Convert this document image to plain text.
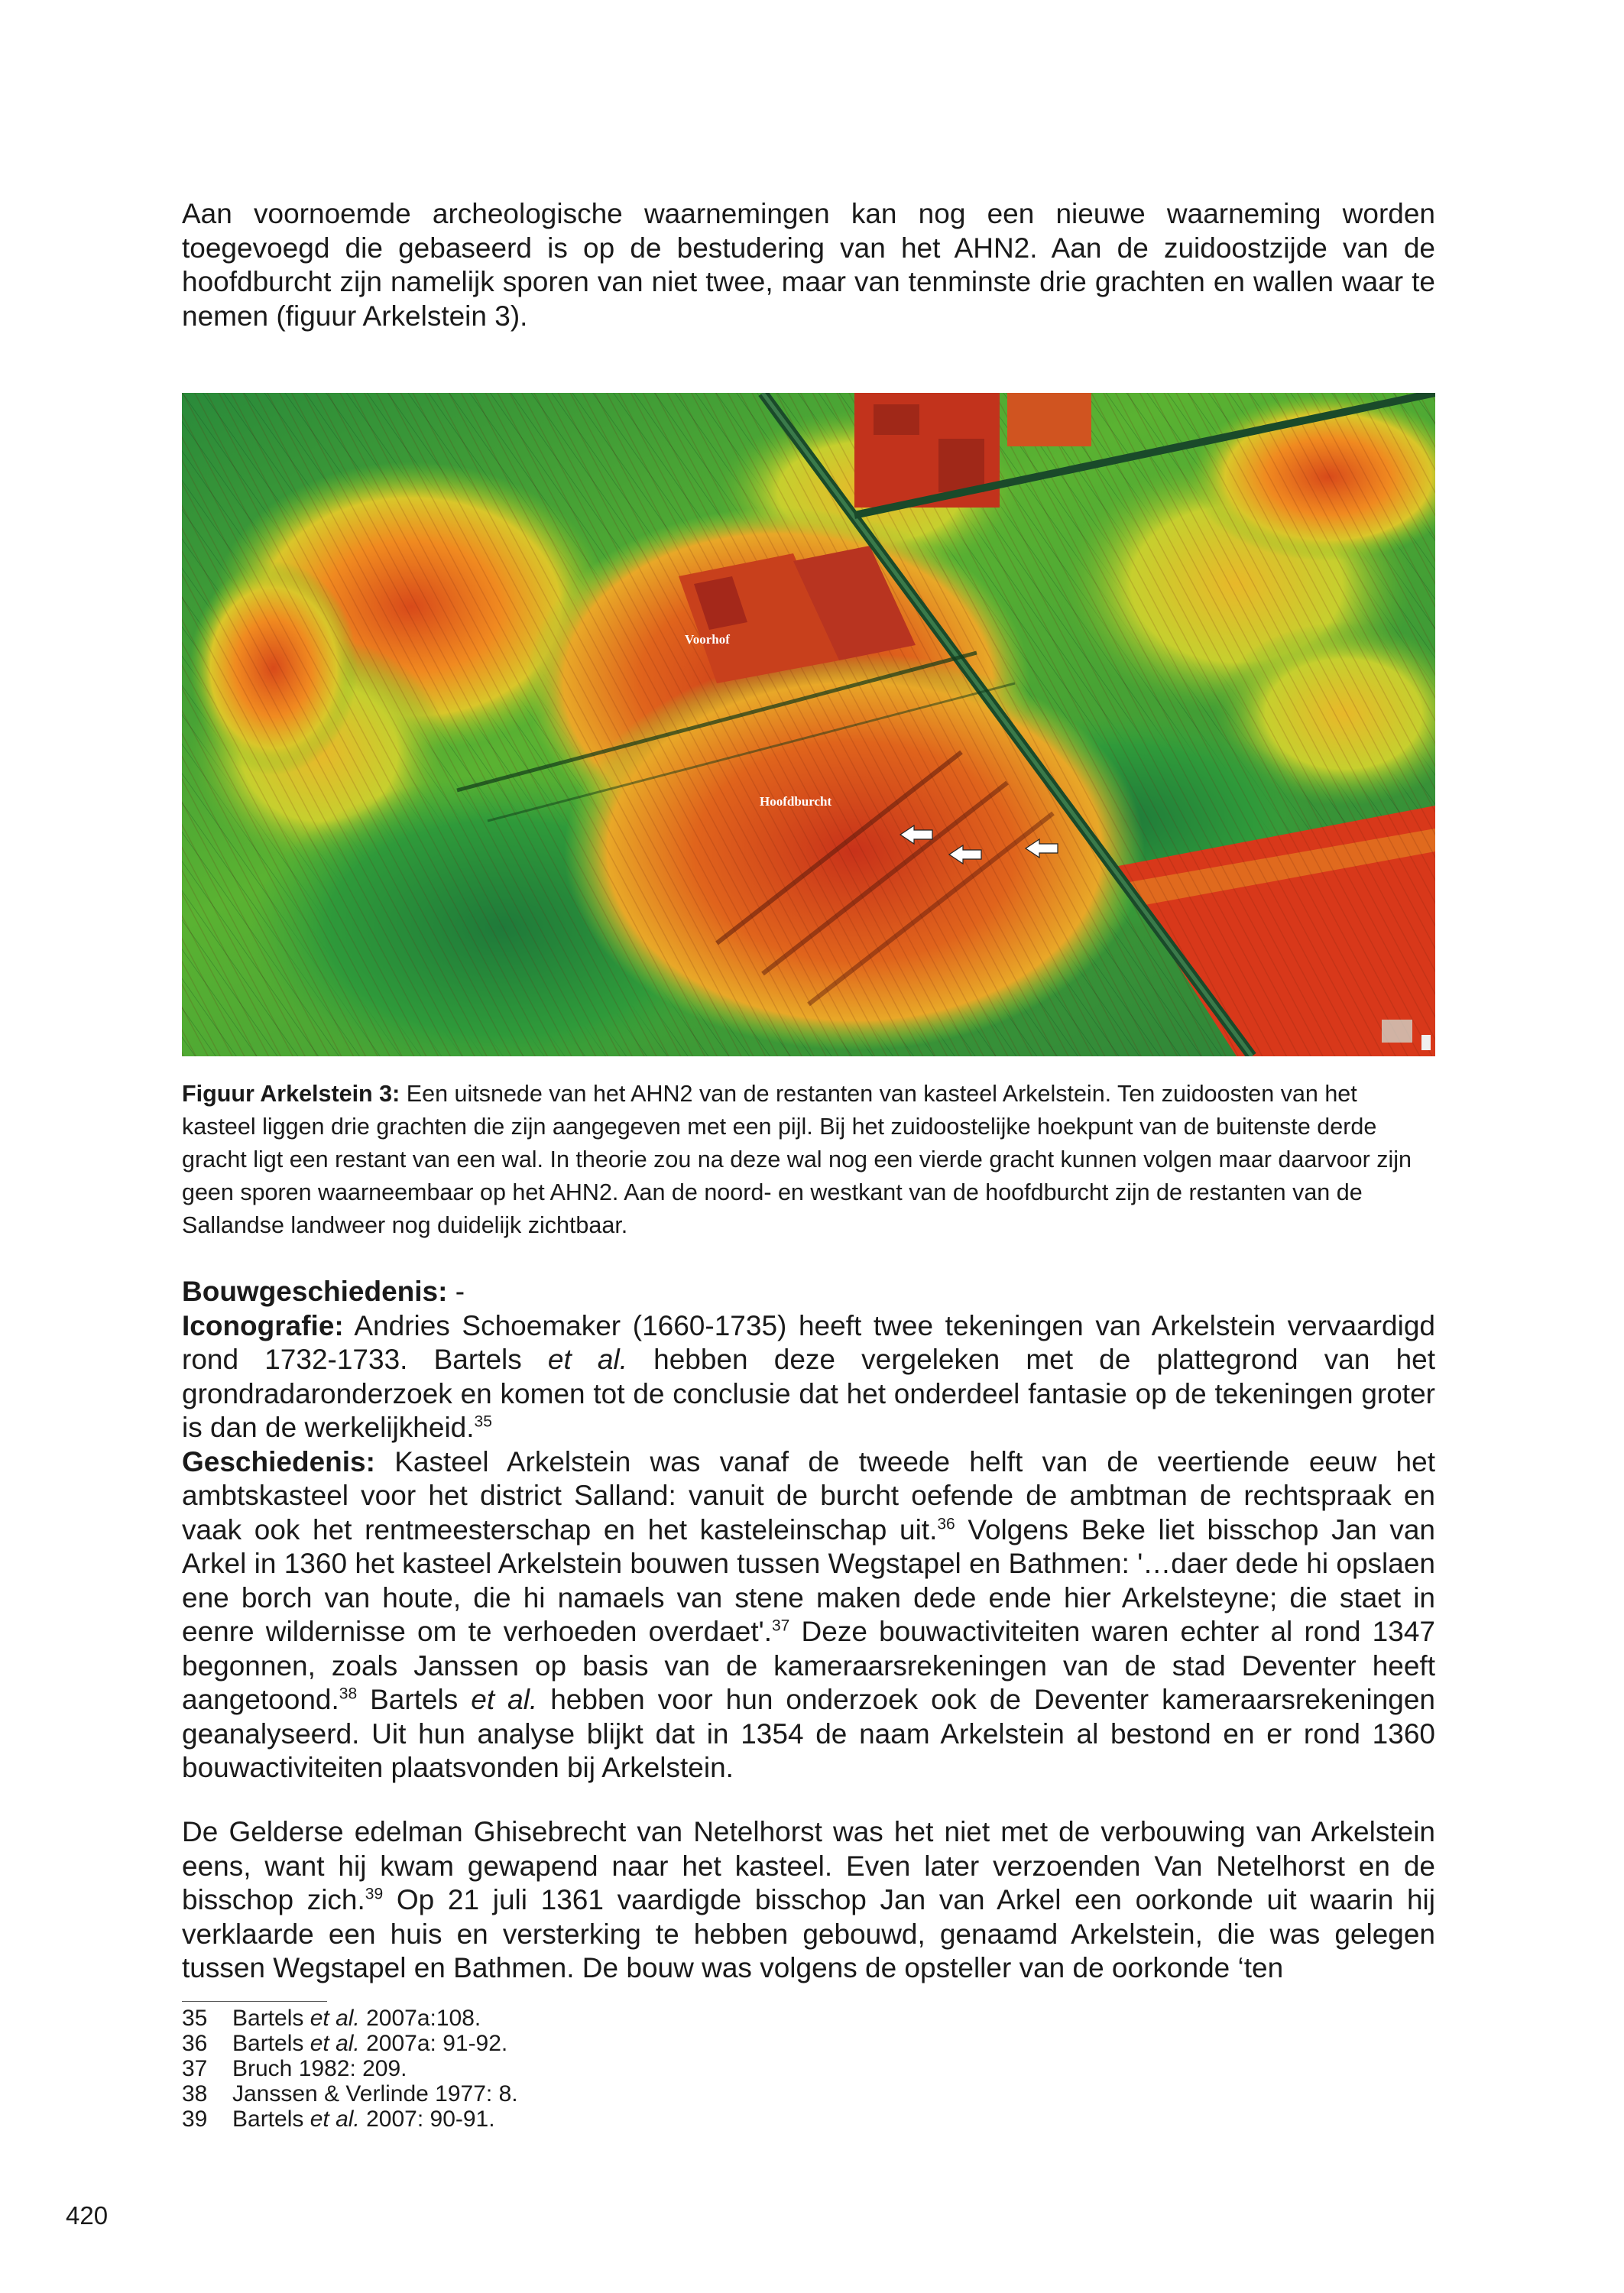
Aan voornoemde archeologische waarnemingen kan nog een nieuwe waarneming worden toegevoegd die gebaseerd is op de bestudering van het AHN2. Aan de zuidoostzijde van de hoofdburcht zijn namelijk sporen van niet twee, maar van tenminste drie grachten en wallen waar te nemen (figuur Arkelstein 3).

Voorhof
Hoofdburcht

Figuur Arkelstein 3: Een uitsnede van het AHN2 van de restanten van kasteel Arkelstein. Ten zuidoosten van het kasteel liggen drie grachten die zijn aangegeven met een pijl. Bij het zuidoostelijke hoekpunt van de buitenste derde gracht ligt een restant van een wal. In theorie zou na deze wal nog een vierde gracht kunnen volgen maar daarvoor zijn geen sporen waarneembaar op het AHN2. Aan de noord- en westkant van de hoofdburcht zijn de restanten van de Sallandse landweer nog duidelijk zichtbaar.

Bouwgeschiedenis: -

Iconografie: Andries Schoemaker (1660-1735) heeft twee tekeningen van Arkelstein vervaardigd rond 1732-1733. Bartels et al. hebben deze vergeleken met de plattegrond van het grondradaronderzoek en komen tot de conclusie dat het onderdeel fantasie op de tekeningen groter is dan de werkelijkheid.$^{35}$

Geschiedenis: Kasteel Arkelstein was vanaf de tweede helft van de veertiende eeuw het ambtskasteel voor het district Salland: vanuit de burcht oefende de ambtman de rechtspraak en vaak ook het rentmeesterschap en het kasteleinschap uit.$^{36}$ Volgens Beke liet bisschop Jan van Arkel in 1360 het kasteel Arkelstein bouwen tussen Wegstapel en Bathmen: '…daer dede hi opslaen ene borch van houte, die hi namaels van stene maken dede ende hier Arkelsteyne; die staet in eenre wildernisse om te verhoeden overdaet'.$^{37}$ Deze bouwactiviteiten waren echter al rond 1347 begonnen, zoals Janssen op basis van de kameraarsrekeningen van de stad Deventer heeft aangetoond.$^{38}$ Bartels et al. hebben voor hun onderzoek ook de Deventer kameraarsrekeningen geanalyseerd. Uit hun analyse blijkt dat in 1354 de naam Arkelstein al bestond en er rond 1360 bouwactiviteiten plaatsvonden bij Arkelstein.

De Gelderse edelman Ghisebrecht van Netelhorst was het niet met de verbouwing van Arkelstein eens, want hij kwam gewapend naar het kasteel. Even later verzoenden Van Netelhorst en de bisschop zich.$^{39}$ Op 21 juli 1361 vaardigde bisschop Jan van Arkel een oorkonde uit waarin hij verklaarde een huis en versterking te hebben gebouwd, genaamd Arkelstein, die was gelegen tussen Wegstapel en Bathmen. De bouw was volgens de opsteller van de oorkonde ‘ten

35	Bartels et al. 2007a:108.
36	Bartels et al. 2007a: 91-92.
37	Bruch 1982: 209.
38	Janssen & Verlinde 1977: 8.
39	Bartels et al. 2007: 90-91.
420
